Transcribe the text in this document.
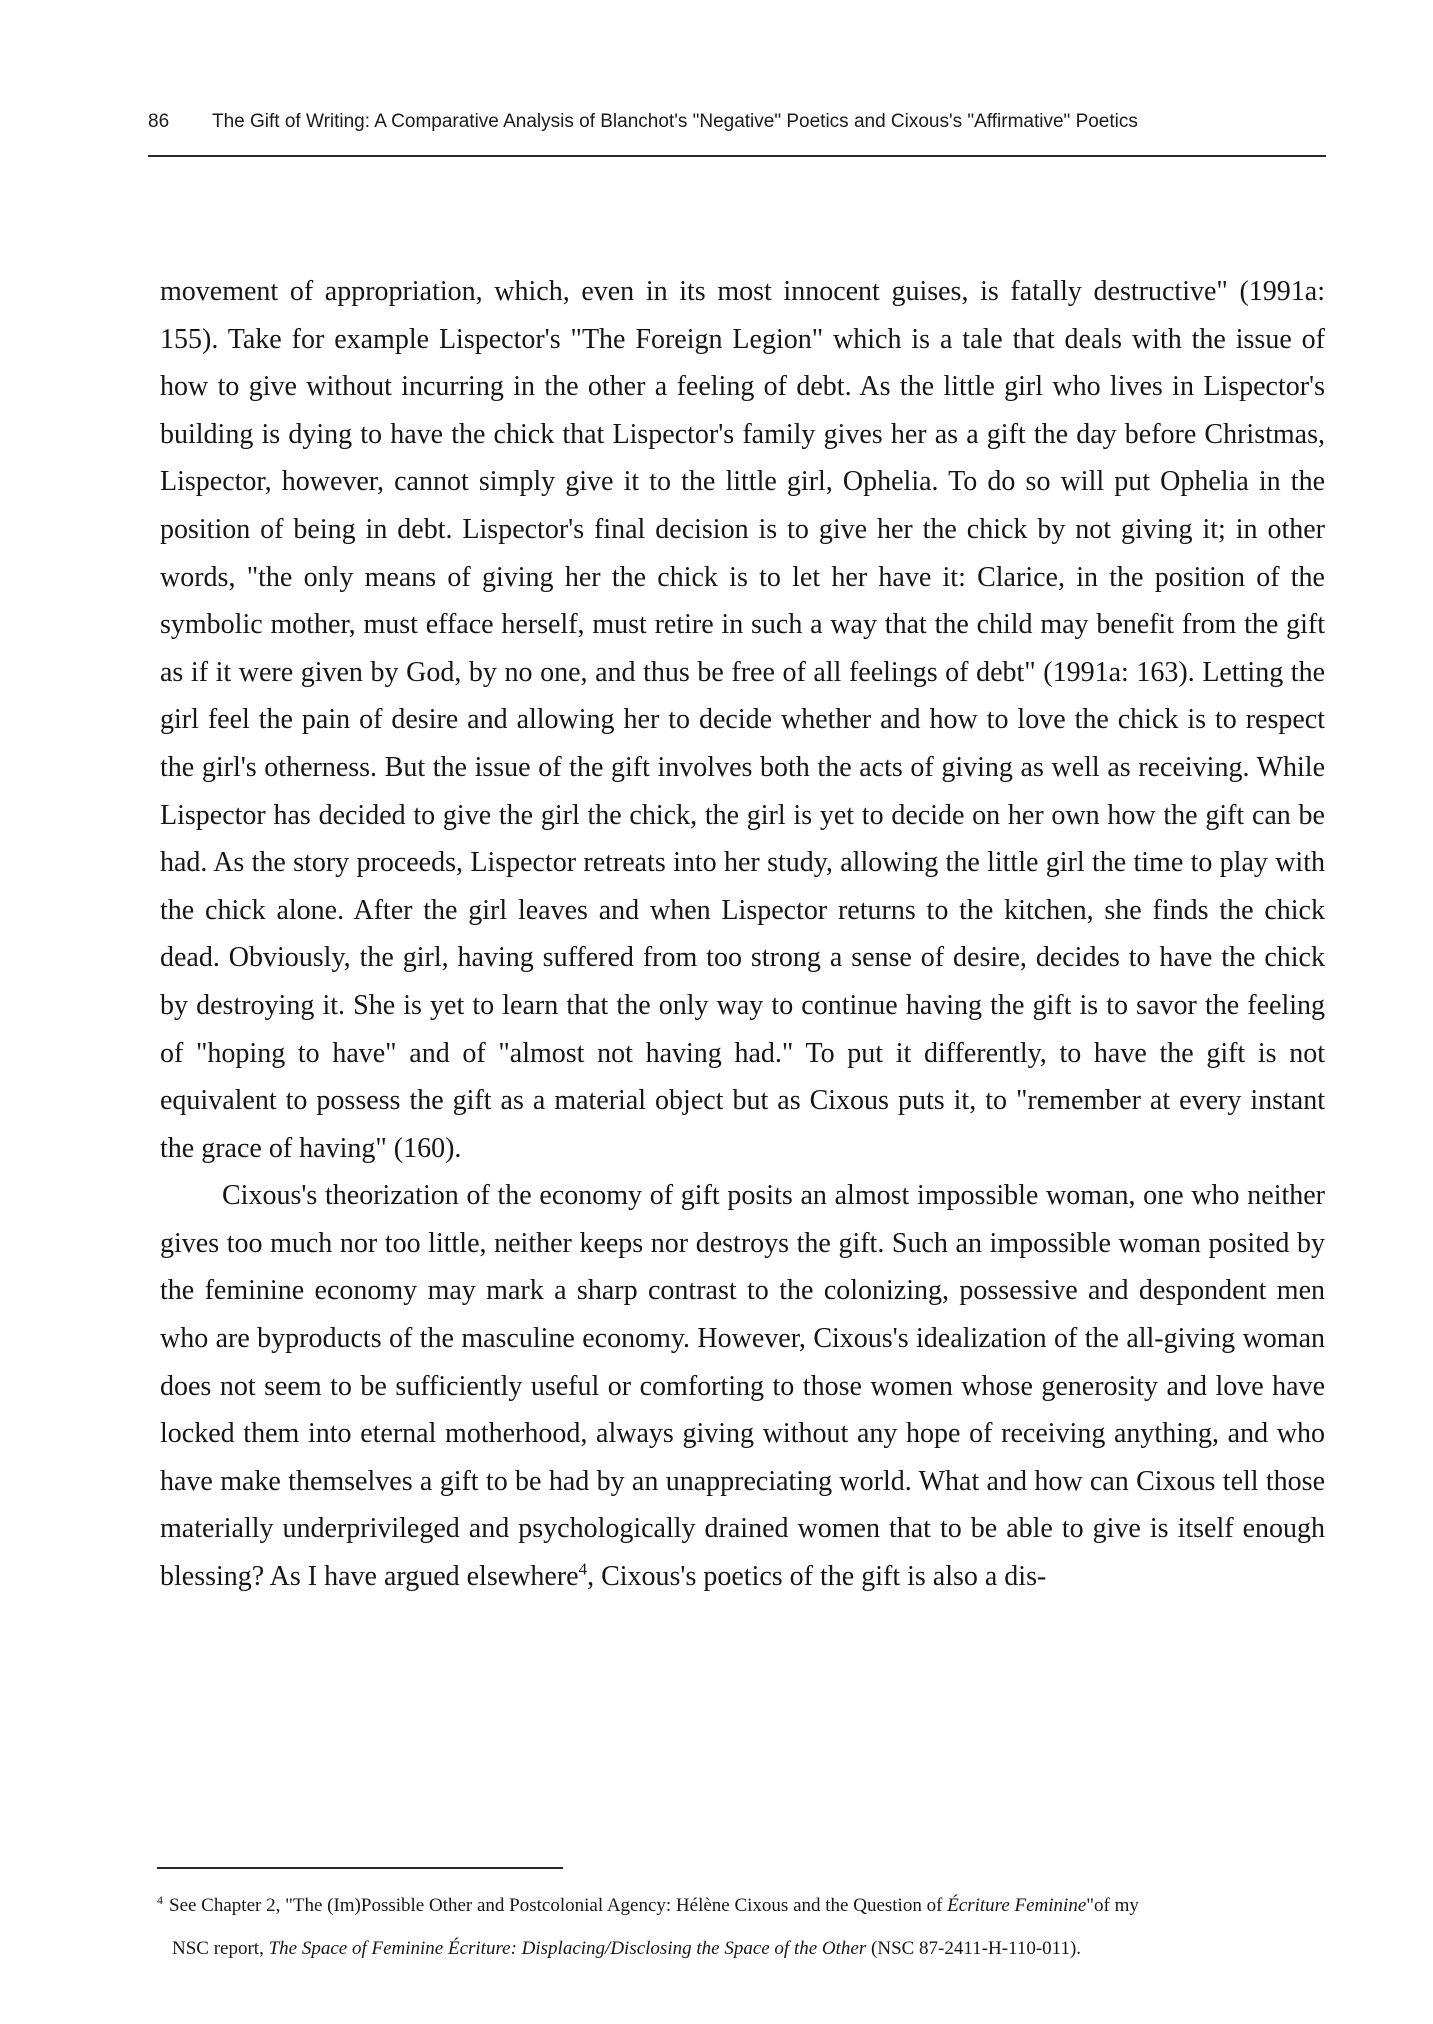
86	The Gift of Writing: A Comparative Analysis of Blanchot's "Negative" Poetics and Cixous's "Affirmative" Poetics

movement of appropriation, which, even in its most innocent guises, is fatally destructive" (1991a: 155). Take for example Lispector's "The Foreign Legion" which is a tale that deals with the issue of how to give without incurring in the other a feeling of debt. As the little girl who lives in Lispector's building is dying to have the chick that Lispector's family gives her as a gift the day before Christmas, Lispector, however, cannot simply give it to the little girl, Ophelia. To do so will put Ophelia in the position of being in debt. Lispector's final decision is to give her the chick by not giving it; in other words, "the only means of giving her the chick is to let her have it: Clarice, in the position of the symbolic mother, must efface herself, must retire in such a way that the child may benefit from the gift as if it were given by God, by no one, and thus be free of all feelings of debt" (1991a: 163). Letting the girl feel the pain of desire and allowing her to decide whether and how to love the chick is to respect the girl's otherness. But the issue of the gift involves both the acts of giving as well as receiving. While Lispector has decided to give the girl the chick, the girl is yet to decide on her own how the gift can be had. As the story proceeds, Lispector retreats into her study, allowing the little girl the time to play with the chick alone. After the girl leaves and when Lispector returns to the kitchen, she finds the chick dead. Obviously, the girl, having suffered from too strong a sense of desire, decides to have the chick by destroying it. She is yet to learn that the only way to continue having the gift is to savor the feeling of "hoping to have" and of "almost not having had." To put it differently, to have the gift is not equivalent to possess the gift as a material object but as Cixous puts it, to "remember at every instant the grace of having" (160).

Cixous's theorization of the economy of gift posits an almost impossible woman, one who neither gives too much nor too little, neither keeps nor destroys the gift. Such an impossible woman posited by the feminine economy may mark a sharp contrast to the colonizing, possessive and despondent men who are byproducts of the masculine economy. However, Cixous's idealization of the all-giving woman does not seem to be sufficiently useful or comforting to those women whose generosity and love have locked them into eternal motherhood, always giving without any hope of receiving anything, and who have make themselves a gift to be had by an unappreciating world. What and how can Cixous tell those materially underprivileged and psychologically drained women that to be able to give is itself enough blessing? As I have argued elsewhere$^4$, Cixous's poetics of the gift is also a dis-

$^4$ See Chapter 2, "The (Im)Possible Other and Postcolonial Agency: Hélène Cixous and the Question of Écriture Feminine"of my
NSC report, The Space of Feminine Écriture: Displacing/Disclosing the Space of the Other (NSC 87-2411-H-110-011).
